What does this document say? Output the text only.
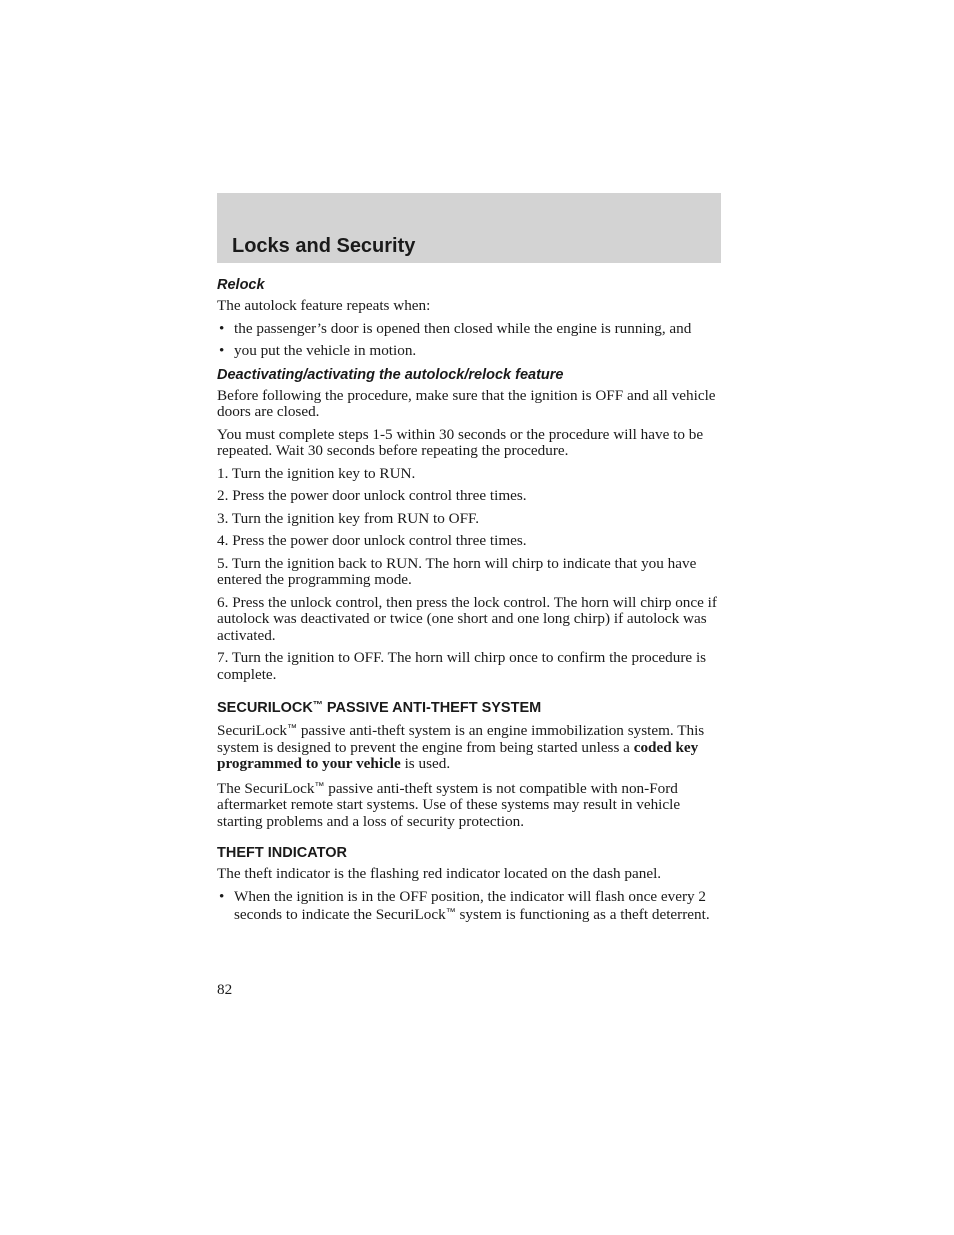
Locks and Security
Relock

The autolock feature repeats when:

• the passenger’s door is opened then closed while the engine is running, and
• you put the vehicle in motion.
Deactivating/activating the autolock/relock feature

Before following the procedure, make sure that the ignition is OFF and all vehicle doors are closed.

You must complete steps 1-5 within 30 seconds or the procedure will have to be repeated. Wait 30 seconds before repeating the procedure.

1. Turn the ignition key to RUN.

2. Press the power door unlock control three times.

3. Turn the ignition key from RUN to OFF.

4. Press the power door unlock control three times.

5. Turn the ignition back to RUN. The horn will chirp to indicate that you have entered the programming mode.

6. Press the unlock control, then press the lock control. The horn will chirp once if autolock was deactivated or twice (one short and one long chirp) if autolock was activated.

7. Turn the ignition to OFF. The horn will chirp once to confirm the procedure is complete.

SECURILOCK™ PASSIVE ANTI-THEFT SYSTEM

SecuriLock™ passive anti-theft system is an engine immobilization system. This system is designed to prevent the engine from being started unless a coded key programmed to your vehicle is used.

The SecuriLock™ passive anti-theft system is not compatible with non-Ford aftermarket remote start systems. Use of these systems may result in vehicle starting problems and a loss of security protection.

THEFT INDICATOR

The theft indicator is the flashing red indicator located on the dash panel.

• When the ignition is in the OFF position, the indicator will flash once every 2 seconds to indicate the SecuriLock™ system is functioning as a theft deterrent.
82
